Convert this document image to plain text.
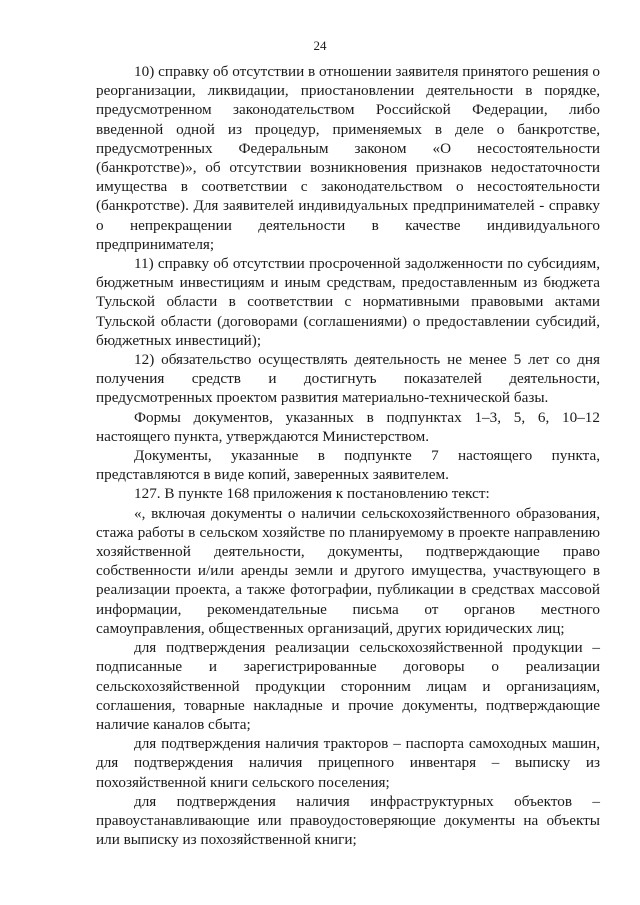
24

10) справку об отсутствии в отношении заявителя принятого решения о реорганизации, ликвидации, приостановлении деятельности в порядке, предусмотренном законодательством Российской Федерации, либо введенной одной из процедур, применяемых в деле о банкротстве, предусмотренных Федеральным законом «О несостоятельности (банкротстве)», об отсутствии возникновения признаков недостаточности имущества в соответствии с законодательством о несостоятельности (банкротстве). Для заявителей индивидуальных предпринимателей - справку о непрекращении деятельности в качестве индивидуального предпринимателя;

11) справку об отсутствии просроченной задолженности по субсидиям, бюджетным инвестициям и иным средствам, предоставленным из бюджета Тульской области в соответствии с нормативными правовыми актами Тульской области (договорами (соглашениями) о предоставлении субсидий, бюджетных инвестиций);

12) обязательство осуществлять деятельность не менее 5 лет со дня получения средств и достигнуть показателей деятельности, предусмотренных проектом развития материально-технической базы.

Формы документов, указанных в подпунктах 1–3, 5, 6, 10–12 настоящего пункта, утверждаются Министерством.

Документы, указанные в подпункте 7 настоящего пункта, представляются в виде копий, заверенных заявителем.

127. В пункте 168 приложения к постановлению текст:

«, включая документы о наличии сельскохозяйственного образования, стажа работы в сельском хозяйстве по планируемому в проекте направлению хозяйственной деятельности, документы, подтверждающие право собственности и/или аренды земли и другого имущества, участвующего в реализации проекта, а также фотографии, публикации в средствах массовой информации, рекомендательные письма от органов местного самоуправления, общественных организаций, других юридических лиц;

для подтверждения реализации сельскохозяйственной продукции – подписанные и зарегистрированные договоры о реализации сельскохозяйственной продукции сторонним лицам и организациям, соглашения, товарные накладные и прочие документы, подтверждающие наличие каналов сбыта;

для подтверждения наличия тракторов – паспорта самоходных машин, для подтверждения наличия прицепного инвентаря – выписку из похозяйственной книги сельского поселения;

для подтверждения наличия инфраструктурных объектов – правоустанавливающие или правоудостоверяющие документы на объекты или выписку из похозяйственной книги;
